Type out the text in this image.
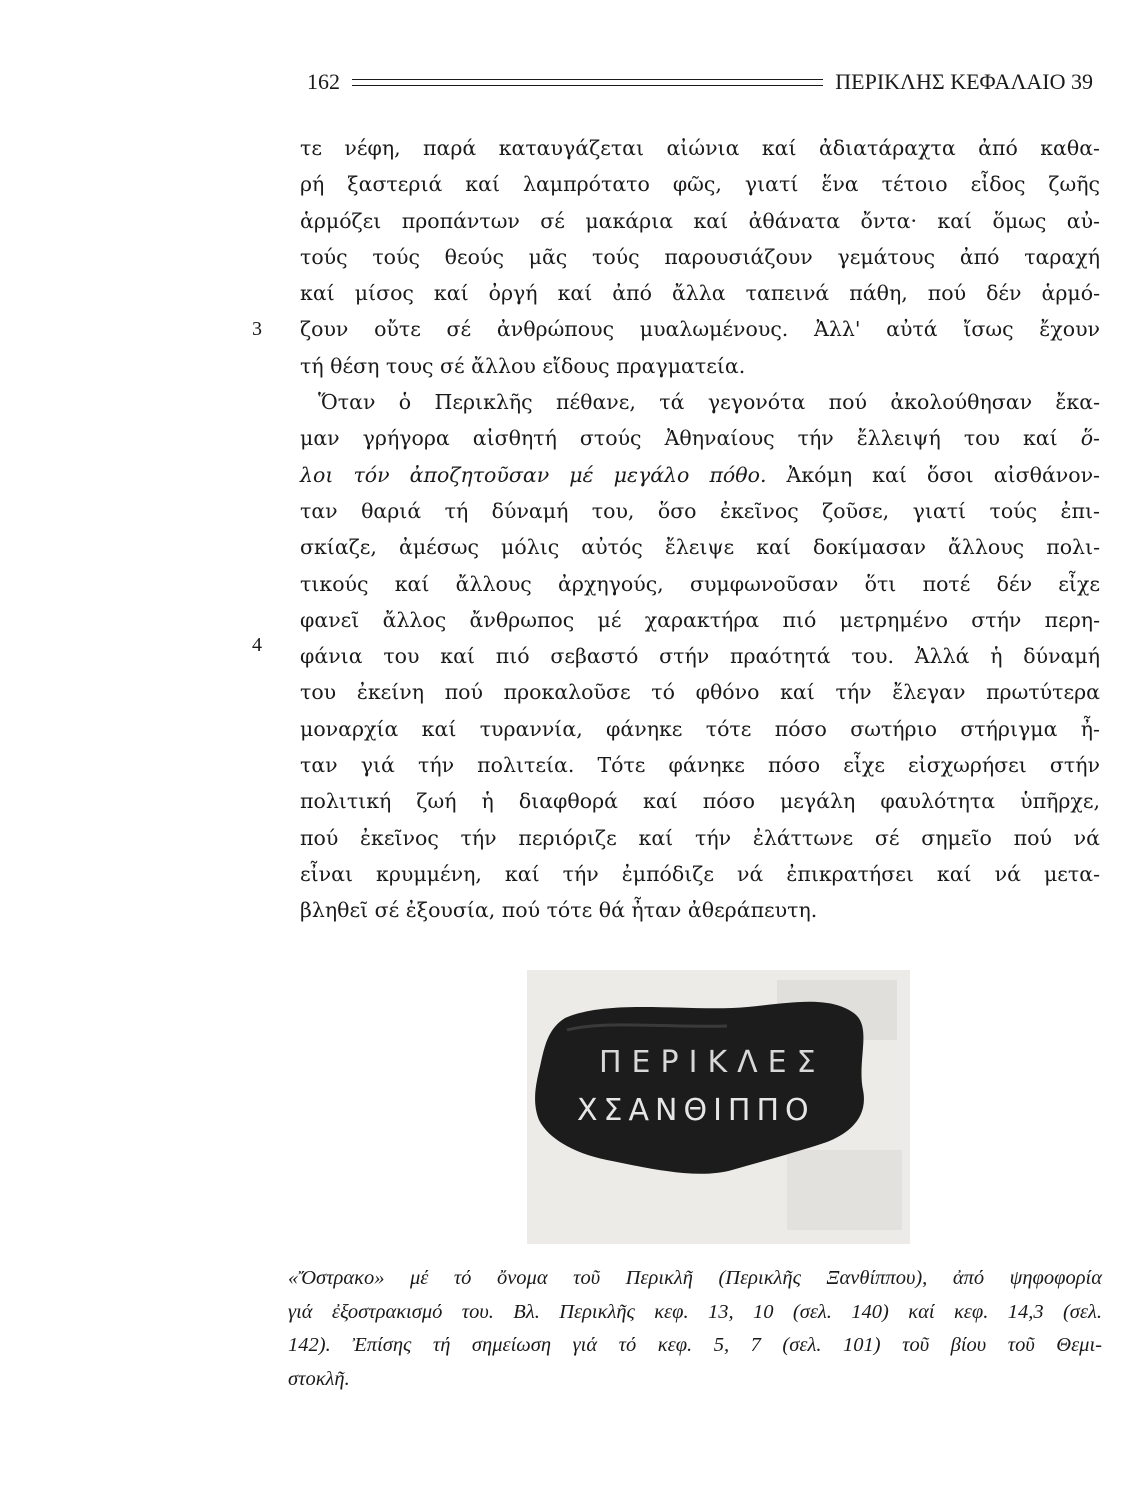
162	ΠΕΡΙΚΛΗΣ ΚΕΦΑΛΑΙΟ 39
3
4
τε νέφη, παρά καταυγάζεται αἰώνια καί ἀδιατάραχτα ἀπό καθα-
ρή ξαστεριά καί λαμπρότατο φῶς, γιατί ἕνα τέτοιο εἶδος ζωῆς
ἁρμόζει προπάντων σέ μακάρια καί ἀθάνατα ὄντα· καί ὅμως αὐ-
τούς τούς θεούς μᾶς τούς παρουσιάζουν γεμάτους ἀπό ταραχή
καί μίσος καί ὀργή καί ἀπό ἄλλα ταπεινά πάθη, πού δέν ἁρμό-
ζουν οὔτε σέ ἀνθρώπους μυαλωμένους. Ἀλλ' αὐτά ἴσως ἔχουν
τή θέση τους σέ ἄλλου εἴδους πραγματεία.
Ὅταν ὁ Περικλῆς πέθανε, τά γεγονότα πού ἀκολούθησαν ἔκα-
μαν γρήγορα αἰσθητή στούς Ἀθηναίους τήν ἔλλειψή του καί ὅ-
λοι τόν ἀποζητοῦσαν μέ μεγάλο πόθο. Ἀκόμη καί ὅσοι αἰσθάνον-
ταν θαριά τή δύναμή του, ὅσο ἐκεῖνος ζοῦσε, γιατί τούς ἐπι-
σκίαζε, ἀμέσως μόλις αὐτός ἔλειψε καί δοκίμασαν ἄλλους πολι-
τικούς καί ἄλλους ἀρχηγούς, συμφωνοῦσαν ὅτι ποτέ δέν εἶχε
φανεῖ ἄλλος ἄνθρωπος μέ χαρακτήρα πιό μετρημένο στήν περη-
φάνια του καί πιό σεβαστό στήν πραότητά του. Ἀλλά ἡ δύναμή
του ἐκείνη πού προκαλοῦσε τό φθόνο καί τήν ἔλεγαν πρωτύτερα
μοναρχία καί τυραννία, φάνηκε τότε πόσο σωτήριο στήριγμα ἦ-
ταν γιά τήν πολιτεία. Τότε φάνηκε πόσο εἶχε εἰσχωρήσει στήν
πολιτική ζωή ἡ διαφθορά καί πόσο μεγάλη φαυλότητα ὑπῆρχε,
πού ἐκεῖνος τήν περιόριζε καί τήν ἐλάττωνε σέ σημεῖο πού νά
εἶναι κρυμμένη, καί τήν ἐμπόδιζε νά ἐπικρατήσει καί νά μετα-
βληθεῖ σέ ἐξουσία, πού τότε θά ἦταν ἀθεράπευτη.
ΠΕΡΙΚΛΕΣ
ΧΣΑΝΘΙΠΠΟ
«Ὄστρακο» μέ τό ὄνομα τοῦ Περικλῆ (Περικλῆς Ξανθίππου), ἀπό ψηφοφορία
γιά ἐξοστρακισμό του. Βλ. Περικλῆς κεφ. 13, 10 (σελ. 140) καί κεφ. 14,3 (σελ.
142). Ἐπίσης τή σημείωση γιά τό κεφ. 5, 7 (σελ. 101) τοῦ βίου τοῦ Θεμι-
στοκλῆ.
